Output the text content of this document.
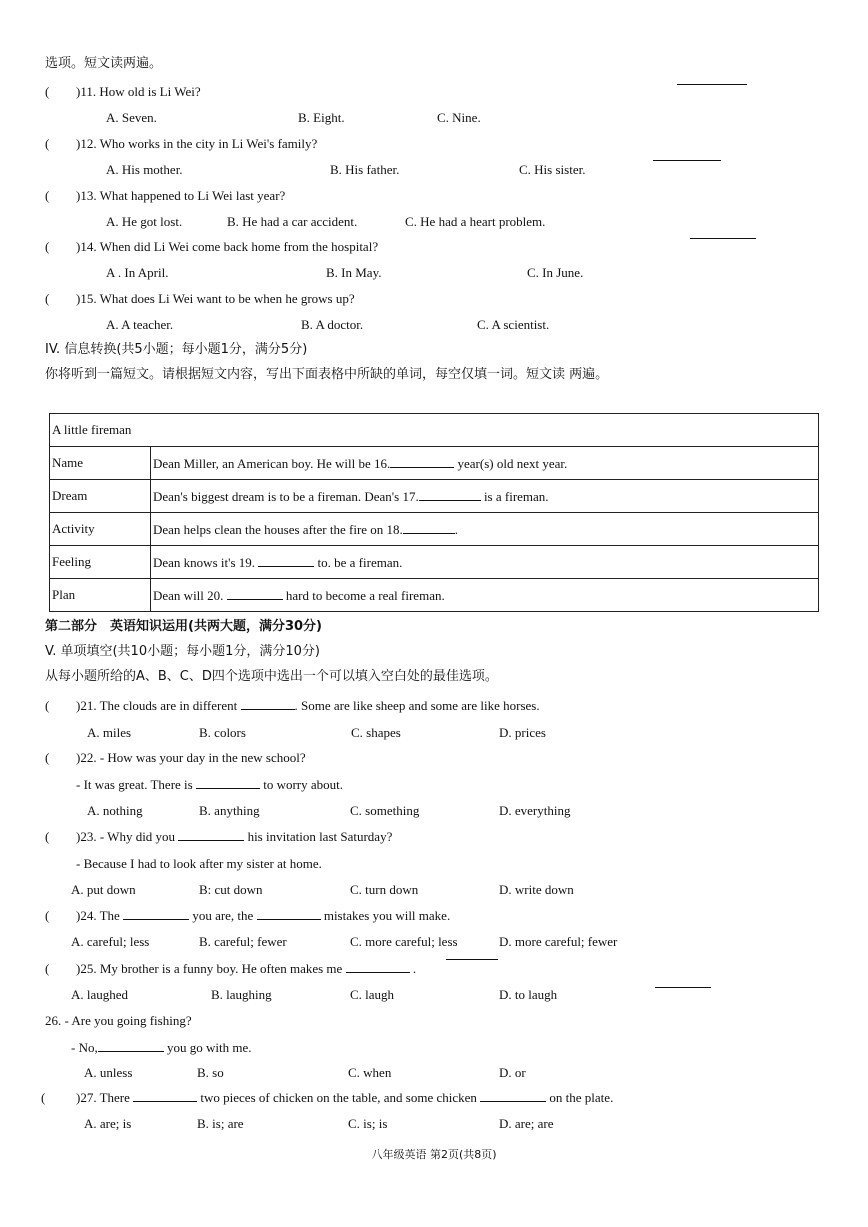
选项。短文读两遍。
( )11. How old is Li Wei?
A. Seven.	B. Eight.	C. Nine.
( )12. Who works in the city in Li Wei's family?
A. His mother.	B. His father.	C. His sister.
( )13. What happened to Li Wei last year?
A. He got lost.	B. He had a car accident.	C. He had a heart problem.
( )14. When did Li Wei come back home from the hospital?
A . In April.	B. In May.	C. In June.
( )15. What does Li Wei want to be when he grows up?
A. A teacher.	B. A doctor.	C. A scientist.
IV. 信息转换(共5小题；每小题1分，满分5分)
你将听到一篇短文。请根据短文内容，写出下面表格中所缺的单词，每空仅填一词。短文读 两遍。
A little fireman	
Name	Dean Miller, an American boy. He will be 16. year(s) old next year.
Dream	Dean's biggest dream is to be a fireman. Dean's 17. is a fireman.
Activity	Dean helps clean the houses after the fire on 18. .
Feeling	Dean knows it's 19. to. be a fireman.
Plan	Dean will 20. hard to become a real fireman.
第二部分　英语知识运用(共两大题，满分30分)
V. 单项填空(共10小题；每小题1分，满分10分)
从每小题所给的A、B、C、D四个选项中选出一个可以填入空白处的最佳选项。
( )21. The clouds are in different	. Some are like sheep and some are like horses.
A. miles	B. colors	C. shapes	D. prices
( )22. - How was your day in the new school?
- It was great. There is	to worry about.
A. nothing	B. anything	C. something	D. everything
( )23. - Why did you	his invitation last Saturday?
- Because I had to look after my sister at home.
A. put down	B: cut down	C. turn down	D. write down
( )24. The	you are, the	mistakes you will make.
A. careful; less	B. careful; fewer	C. more careful; less	D. more careful; fewer
( )25. My brother is a funny boy. He often makes me	.
A. laughed	B. laughing	C. laugh	D. to laugh
26. - Are you going fishing?
- No,	you go with me.
A. unless	B. so	C. when	D. or
( )27. There	two pieces of chicken on the table, and some chicken	on the plate.
A. are; is	B. is; are	C. is; is	D. are; are
八年级英语 第2页(共8页)
